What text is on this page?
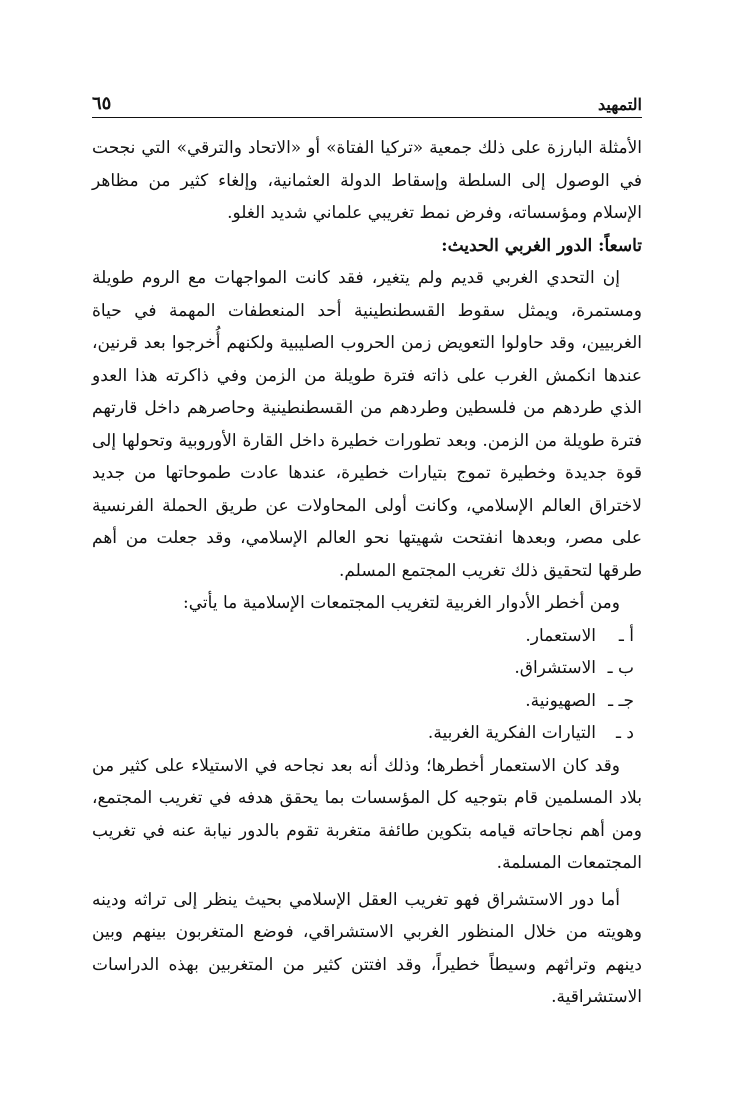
التمهيد
٦٥

الأمثلة البارزة على ذلك جمعية «تركيا الفتاة» أو «الاتحاد والترقي» التي نجحت في الوصول إلى السلطة وإسقاط الدولة العثمانية، وإلغاء كثير من مظاهر الإسلام ومؤسساته، وفرض نمط تغريبي علماني شديد الغلو.

تاسعاً: الدور الغربي الحديث:

إن التحدي الغربي قديم ولم يتغير، فقد كانت المواجهات مع الروم طويلة ومستمرة، ويمثل سقوط القسطنطينية أحد المنعطفات المهمة في حياة الغربيين، وقد حاولوا التعويض زمن الحروب الصليبية ولكنهم أُخرجوا بعد قرنين، عندها انكمش الغرب على ذاته فترة طويلة من الزمن وفي ذاكرته هذا العدو الذي طردهم من فلسطين وطردهم من القسطنطينية وحاصرهم داخل قارتهم فترة طويلة من الزمن. وبعد تطورات خطيرة داخل القارة الأوروبية وتحولها إلى قوة جديدة وخطيرة تموج بتيارات خطيرة، عندها عادت طموحاتها من جديد لاختراق العالم الإسلامي، وكانت أولى المحاولات عن طريق الحملة الفرنسية على مصر، وبعدها انفتحت شهيتها نحو العالم الإسلامي، وقد جعلت من أهم طرقها لتحقيق ذلك تغريب المجتمع المسلم.

ومن أخطر الأدوار الغربية لتغريب المجتمعات الإسلامية ما يأتي:

أ ـ
الاستعمار.
ب ـ
الاستشراق.
جـ ـ
الصهيونية.
د ـ
التيارات الفكرية الغربية.

وقد كان الاستعمار أخطرها؛ وذلك أنه بعد نجاحه في الاستيلاء على كثير من بلاد المسلمين قام بتوجيه كل المؤسسات بما يحقق هدفه في تغريب المجتمع، ومن أهم نجاحاته قيامه بتكوين طائفة متغربة تقوم بالدور نيابة عنه في تغريب المجتمعات المسلمة.

أما دور الاستشراق فهو تغريب العقل الإسلامي بحيث ينظر إلى تراثه ودينه وهويته من خلال المنظور الغربي الاستشراقي، فوضع المتغربون بينهم وبين دينهم وتراثهم وسيطاً خطيراً، وقد افتتن كثير من المتغربين بهذه الدراسات الاستشراقية.
